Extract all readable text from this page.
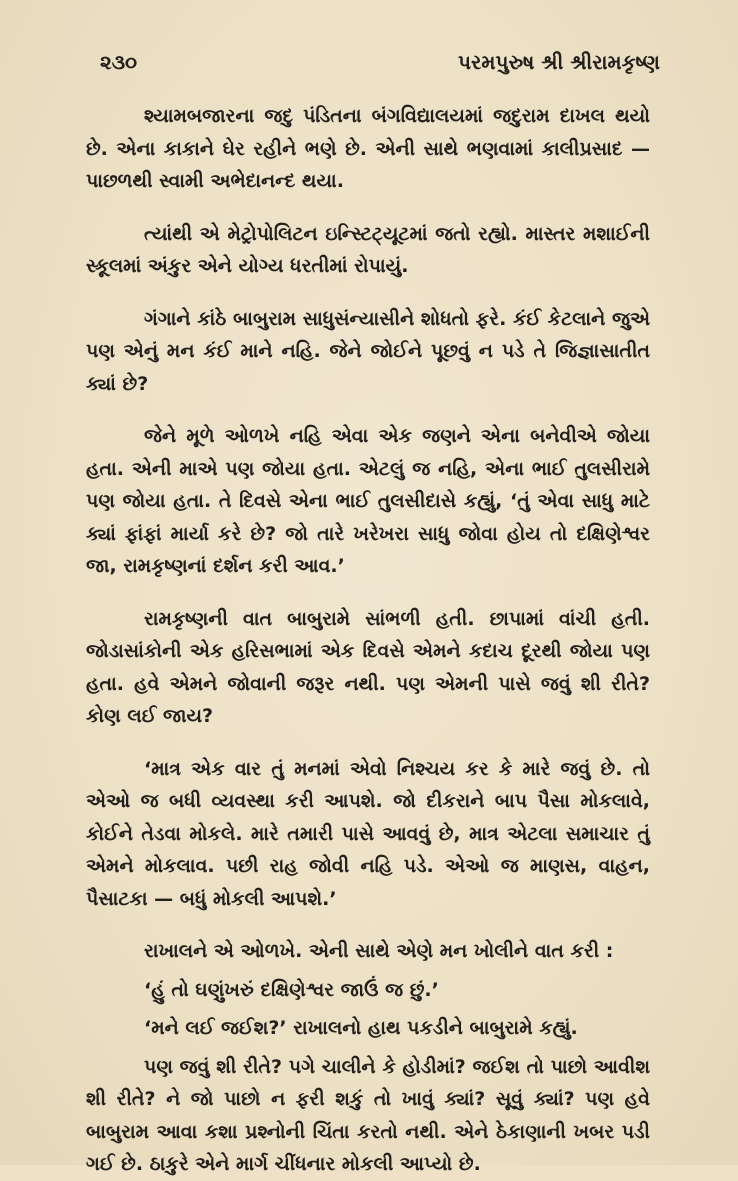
૨૩૦	પરમપુરુષ શ્રી શ્રીરામકૃષ્ણ

શ્યામબજારના જદુ પંડિતના બંગવિદ્યાલયમાં જદુરામ દાખલ થયો છે. એના કાકાને ઘેર રહીને ભણે છે. એની સાથે ભણવામાં કાલીપ્રસાદ — પાછળથી સ્વામી અભેદાનન્દ થયા.

ત્યાંથી એ મેટ્રોપોલિટન ઇન્સ્ટિટ્યૂટમાં જતો રહ્યો. માસ્તર મશાઈની સ્કૂલમાં અંકુર એને યોગ્ય ધરતીમાં રોપાયું.

ગંગાને કાંઠે બાબુરામ સાધુસંન્યાસીને શોધતો ફરે. કંઈ કેટલાને જુએ પણ એનું મન કંઈ માને નહિ. જેને જોઈને પૂછવું ન પડે તે જિજ્ઞાસાતીત ક્યાં છે?

જેને મૂળે ઓળખે નહિ એવા એક જણને એના બનેવીએ જોયા હતા. એની માએ પણ જોયા હતા. એટલું જ નહિ, એના ભાઈ તુલસીરામે પણ જોયા હતા. તે દિવસે એના ભાઈ તુલસીદાસે કહ્યું, ‘તું એવા સાધુ માટે ક્યાં ફાંફાં માર્યા કરે છે? જો તારે ખરેખરા સાધુ જોવા હોય તો દક્ષિણેશ્વર જા, રામકૃષ્ણનાં દર્શન કરી આવ.’

રામકૃષ્ણની વાત બાબુરામે સાંભળી હતી. છાપામાં વાંચી હતી. જોડાસાંકોની એક હરિસભામાં એક દિવસે એમને કદાચ દૂરથી જોયા પણ હતા. હવે એમને જોવાની જરૂર નથી. પણ એમની પાસે જવું શી રીતે? કોણ લઈ જાય?

‘માત્ર એક વાર તું મનમાં એવો નિશ્ચય કર કે મારે જવું છે. તો એઓ જ બધી વ્યવસ્થા કરી આપશે. જો દીકરાને બાપ પૈસા મોકલાવે, કોઈને તેડવા મોકલે. મારે તમારી પાસે આવવું છે, માત્ર એટલા સમાચાર તું એમને મોકલાવ. પછી રાહ જોવી નહિ પડે. એઓ જ માણસ, વાહન, પૈસાટકા — બધું મોકલી આપશે.’

રાખાલને એ ઓળખે. એની સાથે એણે મન ખોલીને વાત કરી :

‘હું તો ઘણુંખરું દક્ષિણેશ્વર જાઉં જ છું.’

‘મને લઈ જઈશ?’ રાખાલનો હાથ પકડીને બાબુરામે કહ્યું.

પણ જવું શી રીતે? પગે ચાલીને કે હોડીમાં? જઈશ તો પાછો આવીશ શી રીતે? ને જો પાછો ન ફરી શકું તો ખાવું ક્યાં? સૂવું ક્યાં? પણ હવે બાબુરામ આવા કશા પ્રશ્નોની ચિંતા કરતો નથી. એને ઠેકાણાની ખબર પડી ગઈ છે. ઠાકુરે એને માર્ગ ચીંધનાર મોકલી આપ્યો છે.
